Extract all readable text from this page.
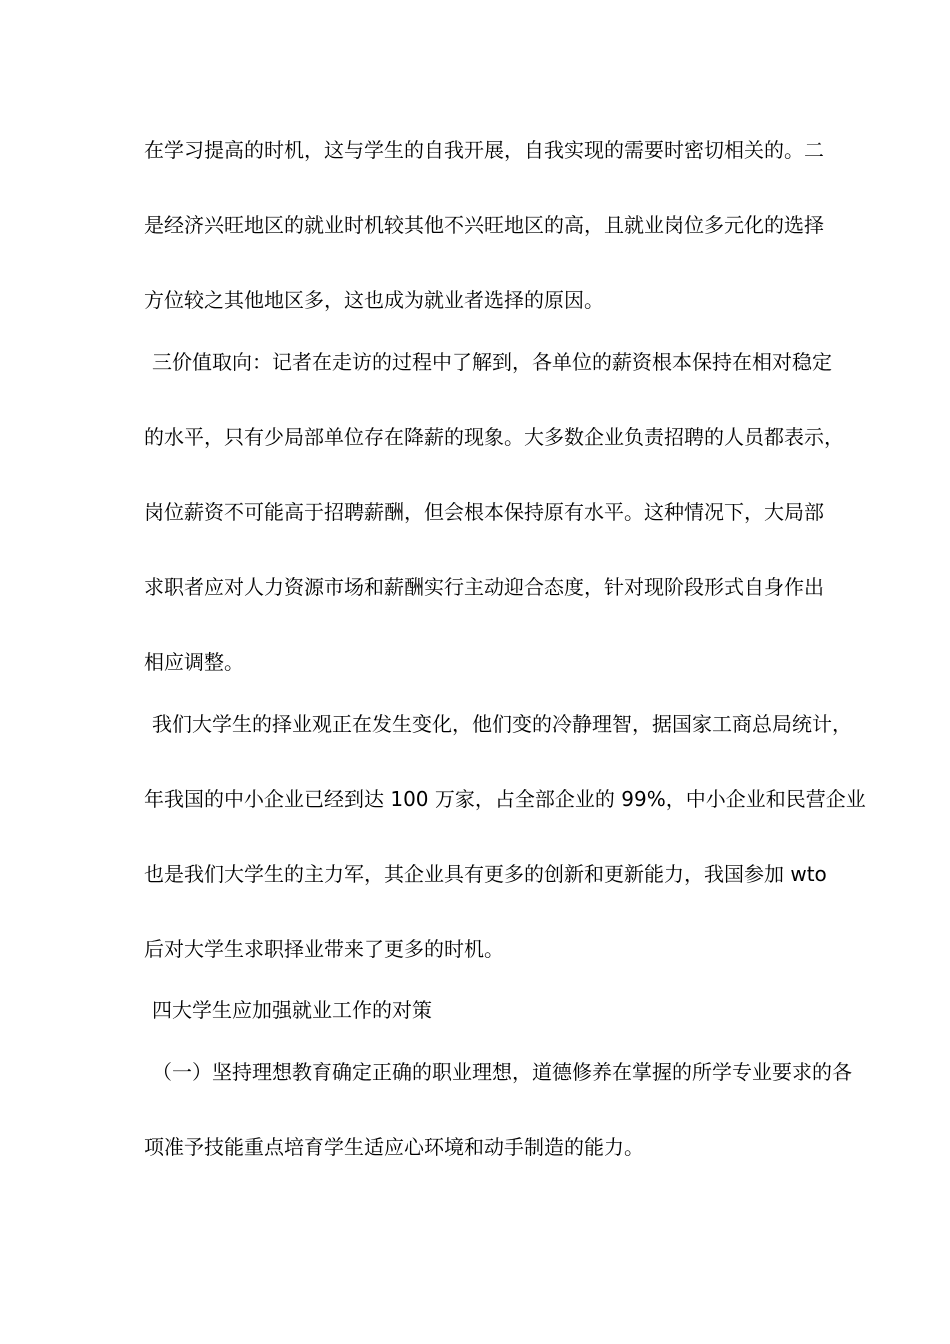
在学习提高的时机，这与学生的自我开展，自我实现的需要时密切相关的。二
是经济兴旺地区的就业时机较其他不兴旺地区的高，且就业岗位多元化的选择
方位较之其他地区多，这也成为就业者选择的原因。
三价值取向：记者在走访的过程中了解到，各单位的薪资根本保持在相对稳定
的水平，只有少局部单位存在降薪的现象。大多数企业负责招聘的人员都表示，
岗位薪资不可能高于招聘薪酬，但会根本保持原有水平。这种情况下，大局部
求职者应对人力资源市场和薪酬实行主动迎合态度，针对现阶段形式自身作出
相应调整。
我们大学生的择业观正在发生变化，他们变的冷静理智，据国家工商总局统计，
年我国的中小企业已经到达 100 万家，占全部企业的 99%，中小企业和民营企业
也是我们大学生的主力军，其企业具有更多的创新和更新能力，我国参加 wto
后对大学生求职择业带来了更多的时机。
四大学生应加强就业工作的对策
（一）坚持理想教育确定正确的职业理想，道德修养在掌握的所学专业要求的各
项准予技能重点培育学生适应心环境和动手制造的能力。
